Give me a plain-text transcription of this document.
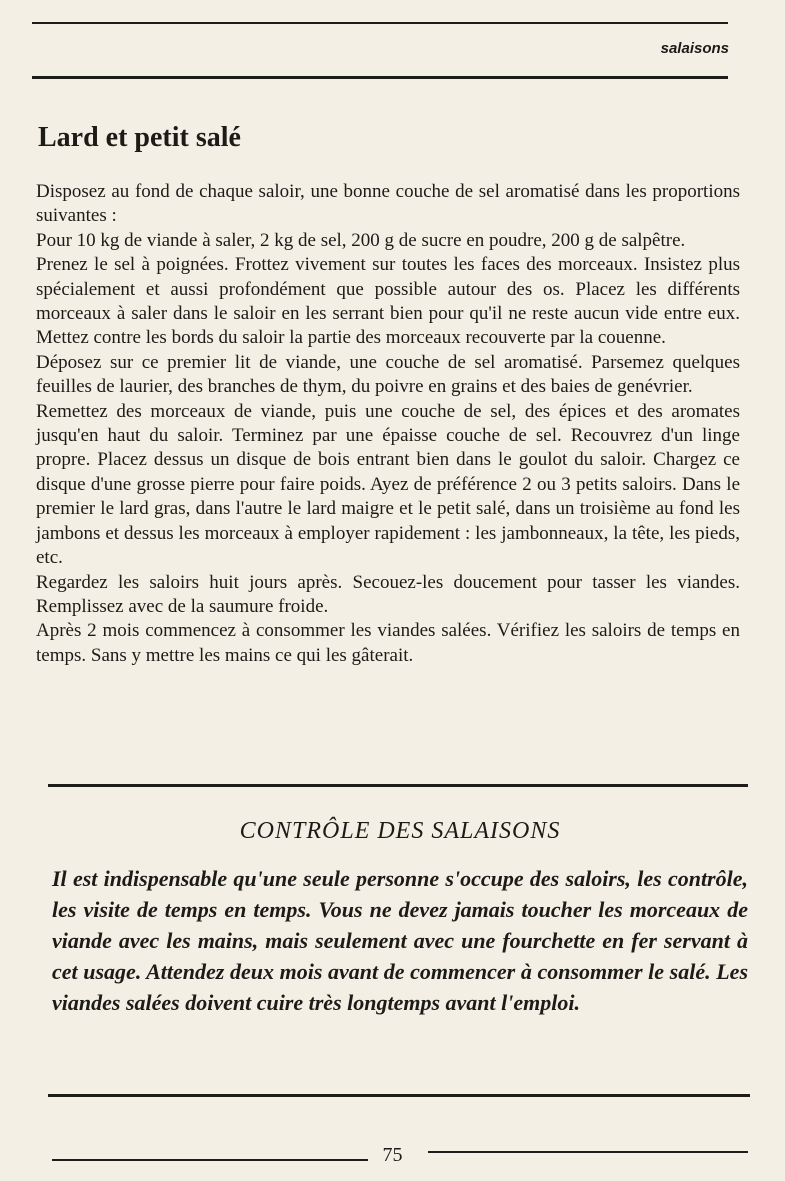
salaisons
Lard et petit salé

Disposez au fond de chaque saloir, une bonne couche de sel aromatisé dans les proportions suivantes :

Pour 10 kg de viande à saler, 2 kg de sel, 200 g de sucre en poudre, 200 g de salpêtre.

Prenez le sel à poignées. Frottez vivement sur toutes les faces des morceaux. Insistez plus spécialement et aussi profondément que possible autour des os. Placez les différents morceaux à saler dans le saloir en les serrant bien pour qu'il ne reste aucun vide entre eux. Mettez contre les bords du saloir la partie des morceaux recouverte par la couenne.

Déposez sur ce premier lit de viande, une couche de sel aromatisé. Parsemez quelques feuilles de laurier, des branches de thym, du poivre en grains et des baies de genévrier.

Remettez des morceaux de viande, puis une couche de sel, des épices et des aromates jusqu'en haut du saloir. Terminez par une épaisse couche de sel. Recouvrez d'un linge propre. Placez dessus un disque de bois entrant bien dans le goulot du saloir. Chargez ce disque d'une grosse pierre pour faire poids. Ayez de préférence 2 ou 3 petits saloirs. Dans le premier le lard gras, dans l'autre le lard maigre et le petit salé, dans un troisième au fond les jambons et dessus les morceaux à employer rapidement : les jambonneaux, la tête, les pieds, etc.

Regardez les saloirs huit jours après. Secouez-les doucement pour tasser les viandes. Remplissez avec de la saumure froide.

Après 2 mois commencez à consommer les viandes salées. Vérifiez les saloirs de temps en temps. Sans y mettre les mains ce qui les gâterait.

CONTRÔLE DES SALAISONS

Il est indispensable qu'une seule personne s'occupe des saloirs, les contrôle, les visite de temps en temps. Vous ne devez jamais toucher les morceaux de viande avec les mains, mais seulement avec une fourchette en fer servant à cet usage. Attendez deux mois avant de commencer à consommer le salé. Les viandes salées doivent cuire très longtemps avant l'emploi.

75
